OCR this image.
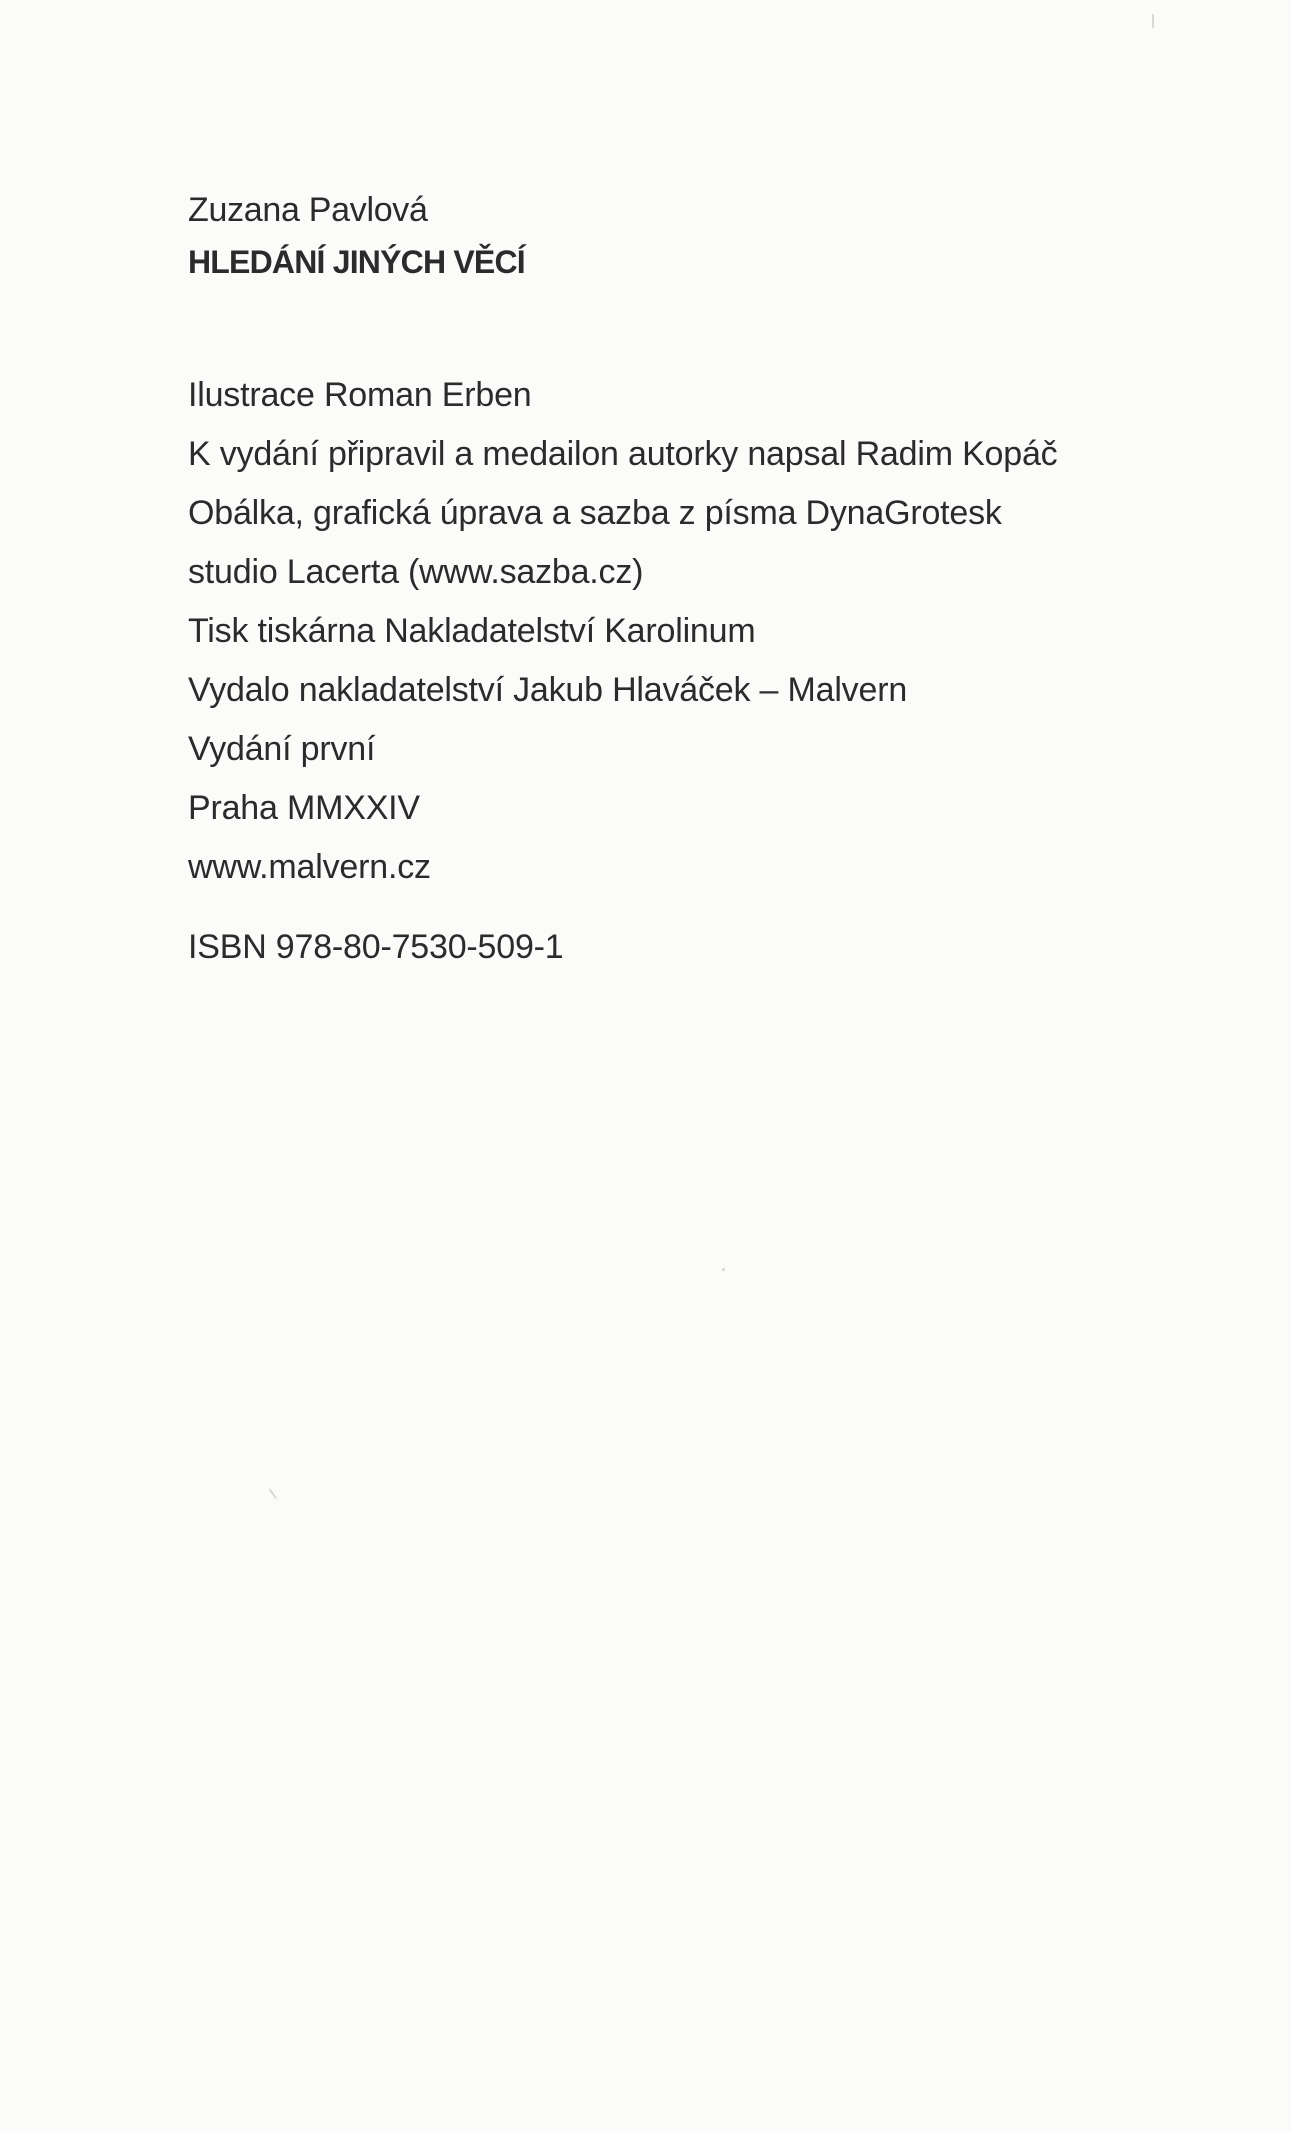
Zuzana Pavlová

HLEDÁNÍ JINÝCH VĚCÍ

Ilustrace Roman Erben
K vydání připravil a medailon autorky napsal Radim Kopáč
Obálka, grafická úprava a sazba z písma DynaGrotesk
studio Lacerta (www.sazba.cz)
Tisk tiskárna Nakladatelství Karolinum
Vydalo nakladatelství Jakub Hlaváček – Malvern
Vydání první
Praha MMXXIV
www.malvern.cz

ISBN 978-80-7530-509-1
